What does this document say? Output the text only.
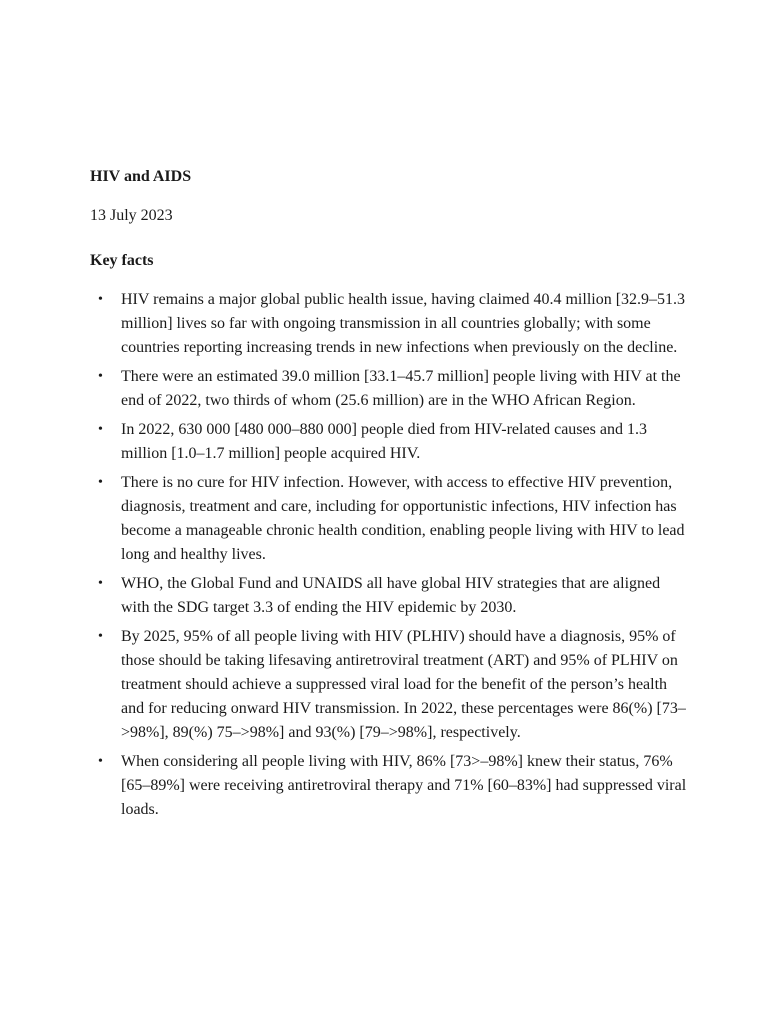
HIV and AIDS

13 July 2023

Key facts

• HIV remains a major global public health issue, having claimed 40.4 million [32.9–51.3 million] lives so far with ongoing transmission in all countries globally; with some countries reporting increasing trends in new infections when previously on the decline.
• There were an estimated 39.0 million [33.1–45.7 million] people living with HIV at the end of 2022, two thirds of whom (25.6 million) are in the WHO African Region.
• In 2022, 630 000 [480 000–880 000] people died from HIV-related causes and 1.3 million [1.0–1.7 million] people acquired HIV.
• There is no cure for HIV infection. However, with access to effective HIV prevention, diagnosis, treatment and care, including for opportunistic infections, HIV infection has become a manageable chronic health condition, enabling people living with HIV to lead long and healthy lives.
• WHO, the Global Fund and UNAIDS all have global HIV strategies that are aligned with the SDG target 3.3 of ending the HIV epidemic by 2030.
• By 2025, 95% of all people living with HIV (PLHIV) should have a diagnosis, 95% of those should be taking lifesaving antiretroviral treatment (ART) and 95% of PLHIV on treatment should achieve a suppressed viral load for the benefit of the person’s health and for reducing onward HIV transmission. In 2022, these percentages were 86(%) [73–>98%], 89(%) 75–>98%] and 93(%) [79–>98%], respectively.
• When considering all people living with HIV, 86% [73>–98%] knew their status, 76% [65–89%] were receiving antiretroviral therapy and 71% [60–83%] had suppressed viral loads.
